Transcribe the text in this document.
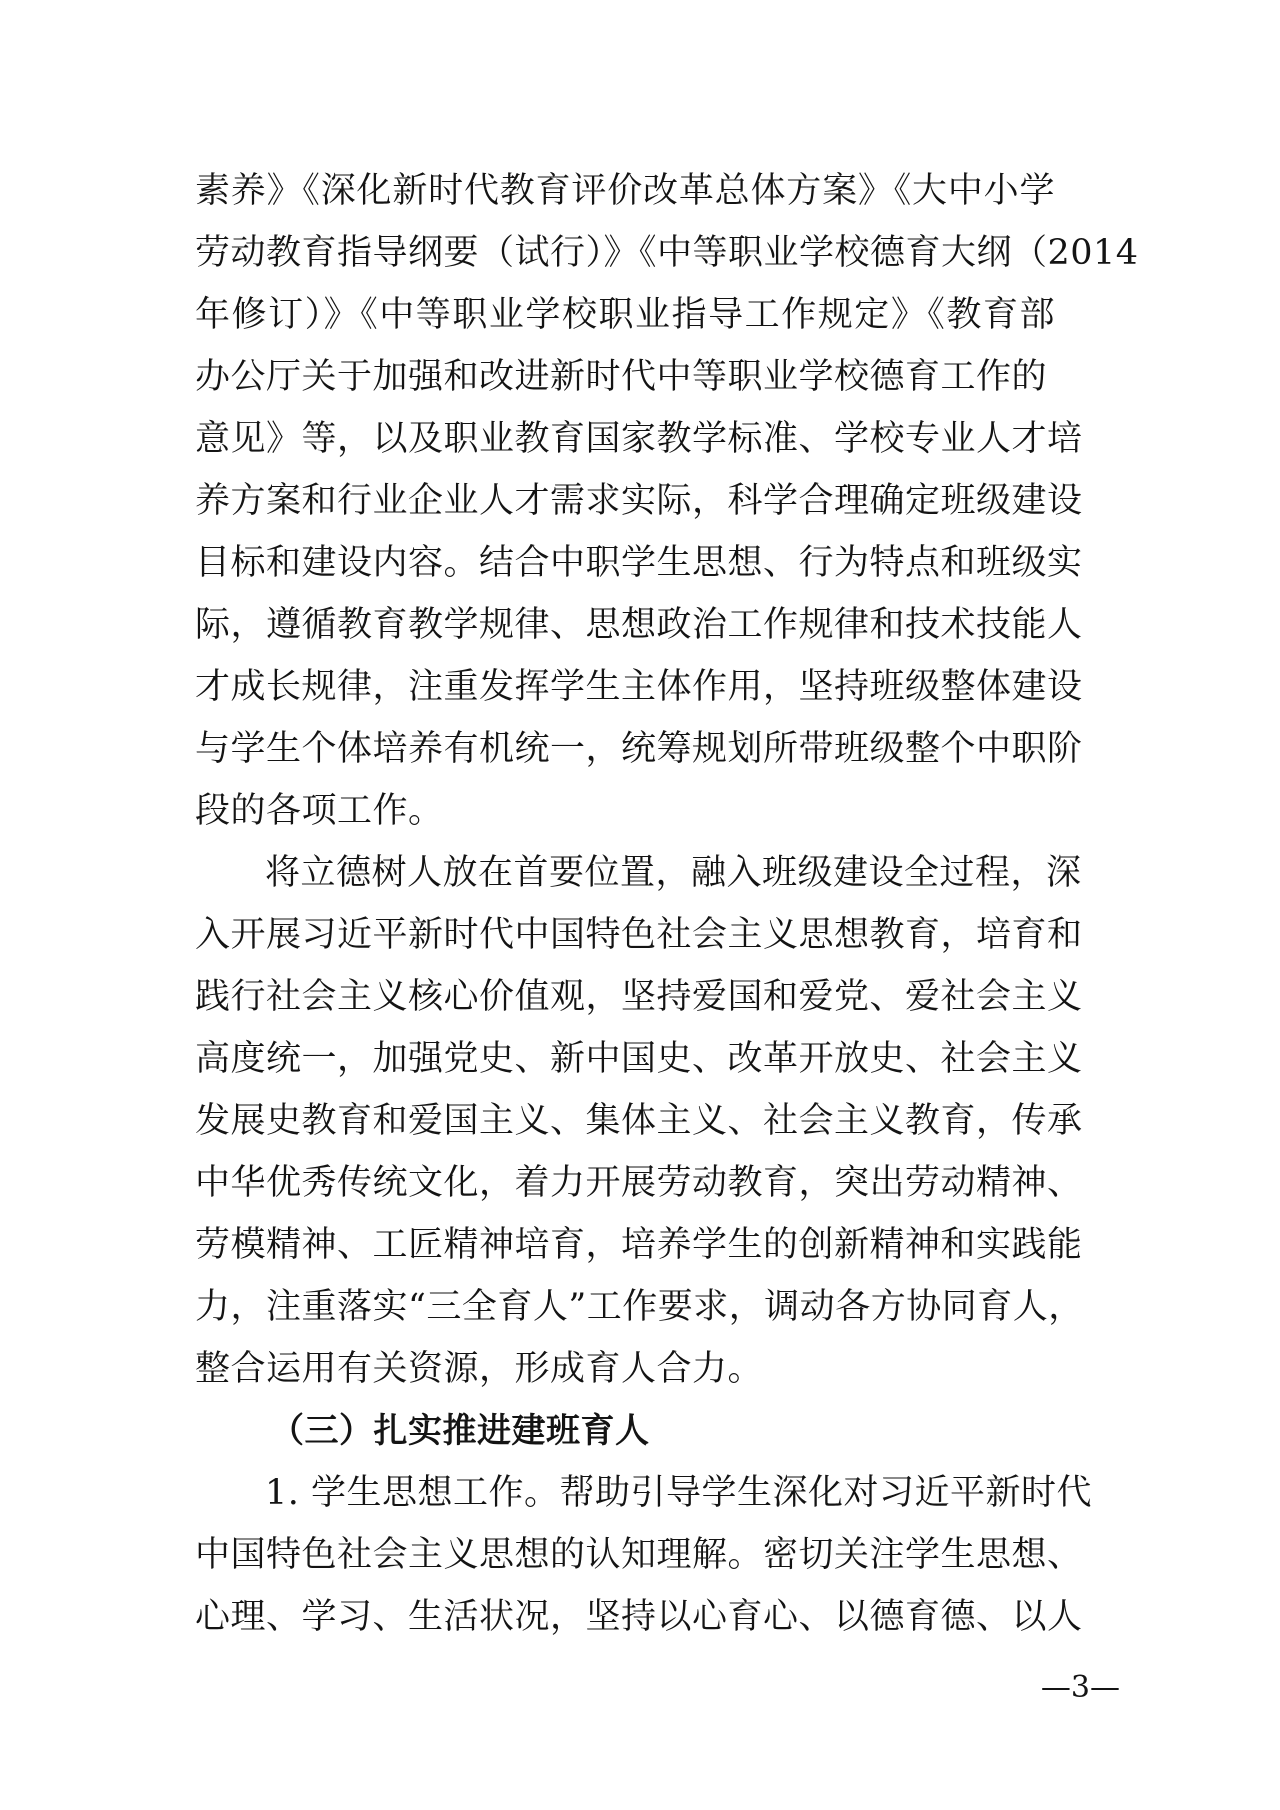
素养》《深化新时代教育评价改革总体方案》《大中小学
劳动教育指导纲要（试行）》《中等职业学校德育大纲（2014
年修订）》《中等职业学校职业指导工作规定》《教育部
办公厅关于加强和改进新时代中等职业学校德育工作的
意见》等，以及职业教育国家教学标准、学校专业人才培
养方案和行业企业人才需求实际，科学合理确定班级建设
目标和建设内容。结合中职学生思想、行为特点和班级实
际，遵循教育教学规律、思想政治工作规律和技术技能人
才成长规律，注重发挥学生主体作用，坚持班级整体建设
与学生个体培养有机统一，统筹规划所带班级整个中职阶
段的各项工作。
将立德树人放在首要位置，融入班级建设全过程，深
入开展习近平新时代中国特色社会主义思想教育，培育和
践行社会主义核心价值观，坚持爱国和爱党、爱社会主义
高度统一，加强党史、新中国史、改革开放史、社会主义
发展史教育和爱国主义、集体主义、社会主义教育，传承
中华优秀传统文化，着力开展劳动教育，突出劳动精神、
劳模精神、工匠精神培育，培养学生的创新精神和实践能
力，注重落实“三全育人”工作要求，调动各方协同育人，
整合运用有关资源，形成育人合力。
（三）扎实推进建班育人
1. 学生思想工作。帮助引导学生深化对习近平新时代
中国特色社会主义思想的认知理解。密切关注学生思想、
心理、学习、生活状况，坚持以心育心、以德育德、以人
—3—
